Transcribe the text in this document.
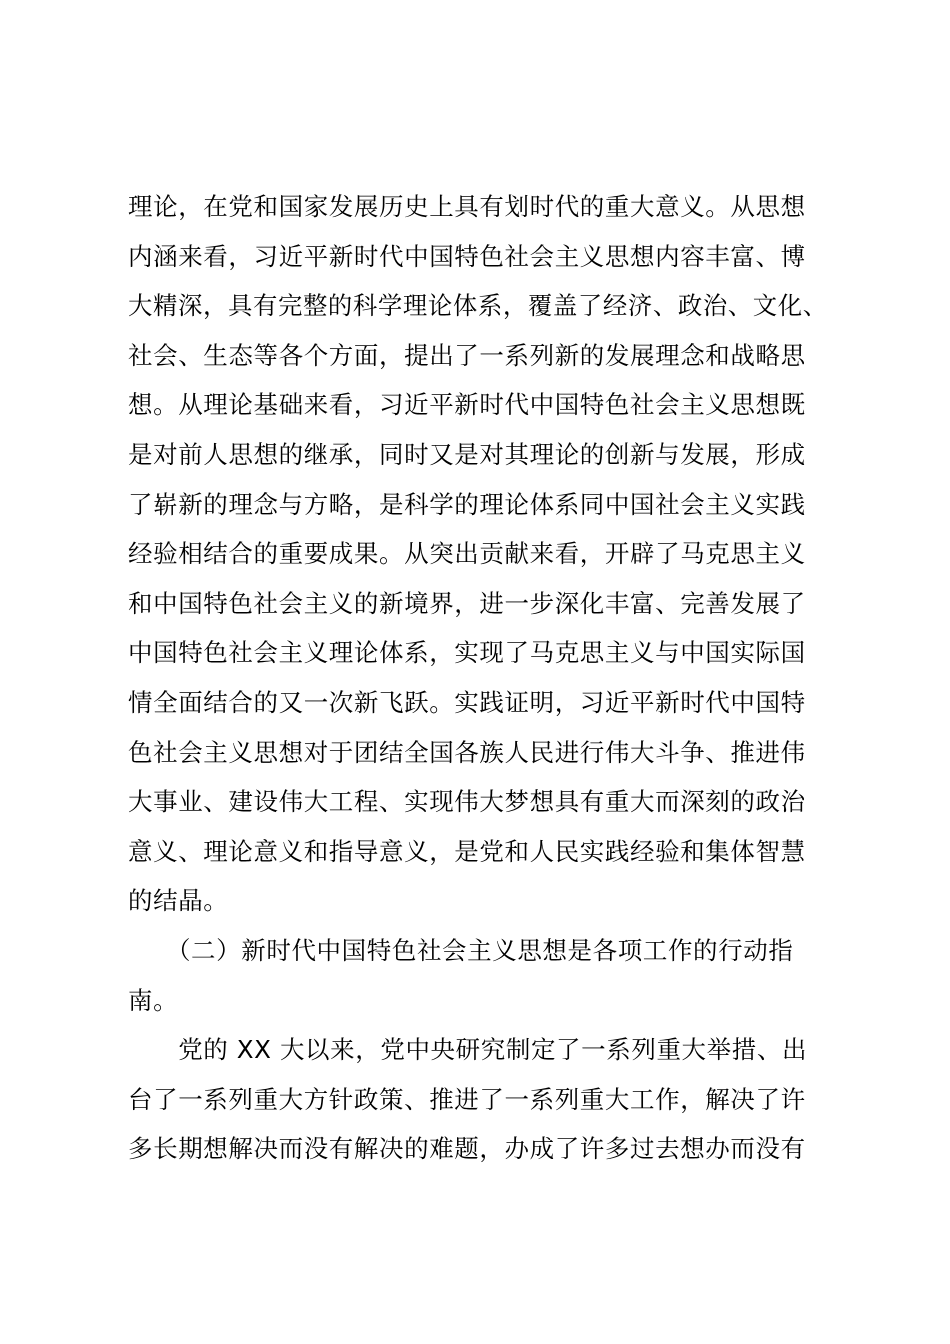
理论，在党和国家发展历史上具有划时代的重大意义。从思想
内涵来看，习近平新时代中国特色社会主义思想内容丰富、博
大精深，具有完整的科学理论体系，覆盖了经济、政治、文化、
社会、生态等各个方面，提出了一系列新的发展理念和战略思
想。从理论基础来看，习近平新时代中国特色社会主义思想既
是对前人思想的继承，同时又是对其理论的创新与发展，形成
了崭新的理念与方略，是科学的理论体系同中国社会主义实践
经验相结合的重要成果。从突出贡献来看，开辟了马克思主义
和中国特色社会主义的新境界，进一步深化丰富、完善发展了
中国特色社会主义理论体系，实现了马克思主义与中国实际国
情全面结合的又一次新飞跃。实践证明，习近平新时代中国特
色社会主义思想对于团结全国各族人民进行伟大斗争、推进伟
大事业、建设伟大工程、实现伟大梦想具有重大而深刻的政治
意义、理论意义和指导意义，是党和人民实践经验和集体智慧
的结晶。
　　（二）新时代中国特色社会主义思想是各项工作的行动指
南。
　　党的 XX 大以来，党中央研究制定了一系列重大举措、出
台了一系列重大方针政策、推进了一系列重大工作，解决了许
多长期想解决而没有解决的难题，办成了许多过去想办而没有
